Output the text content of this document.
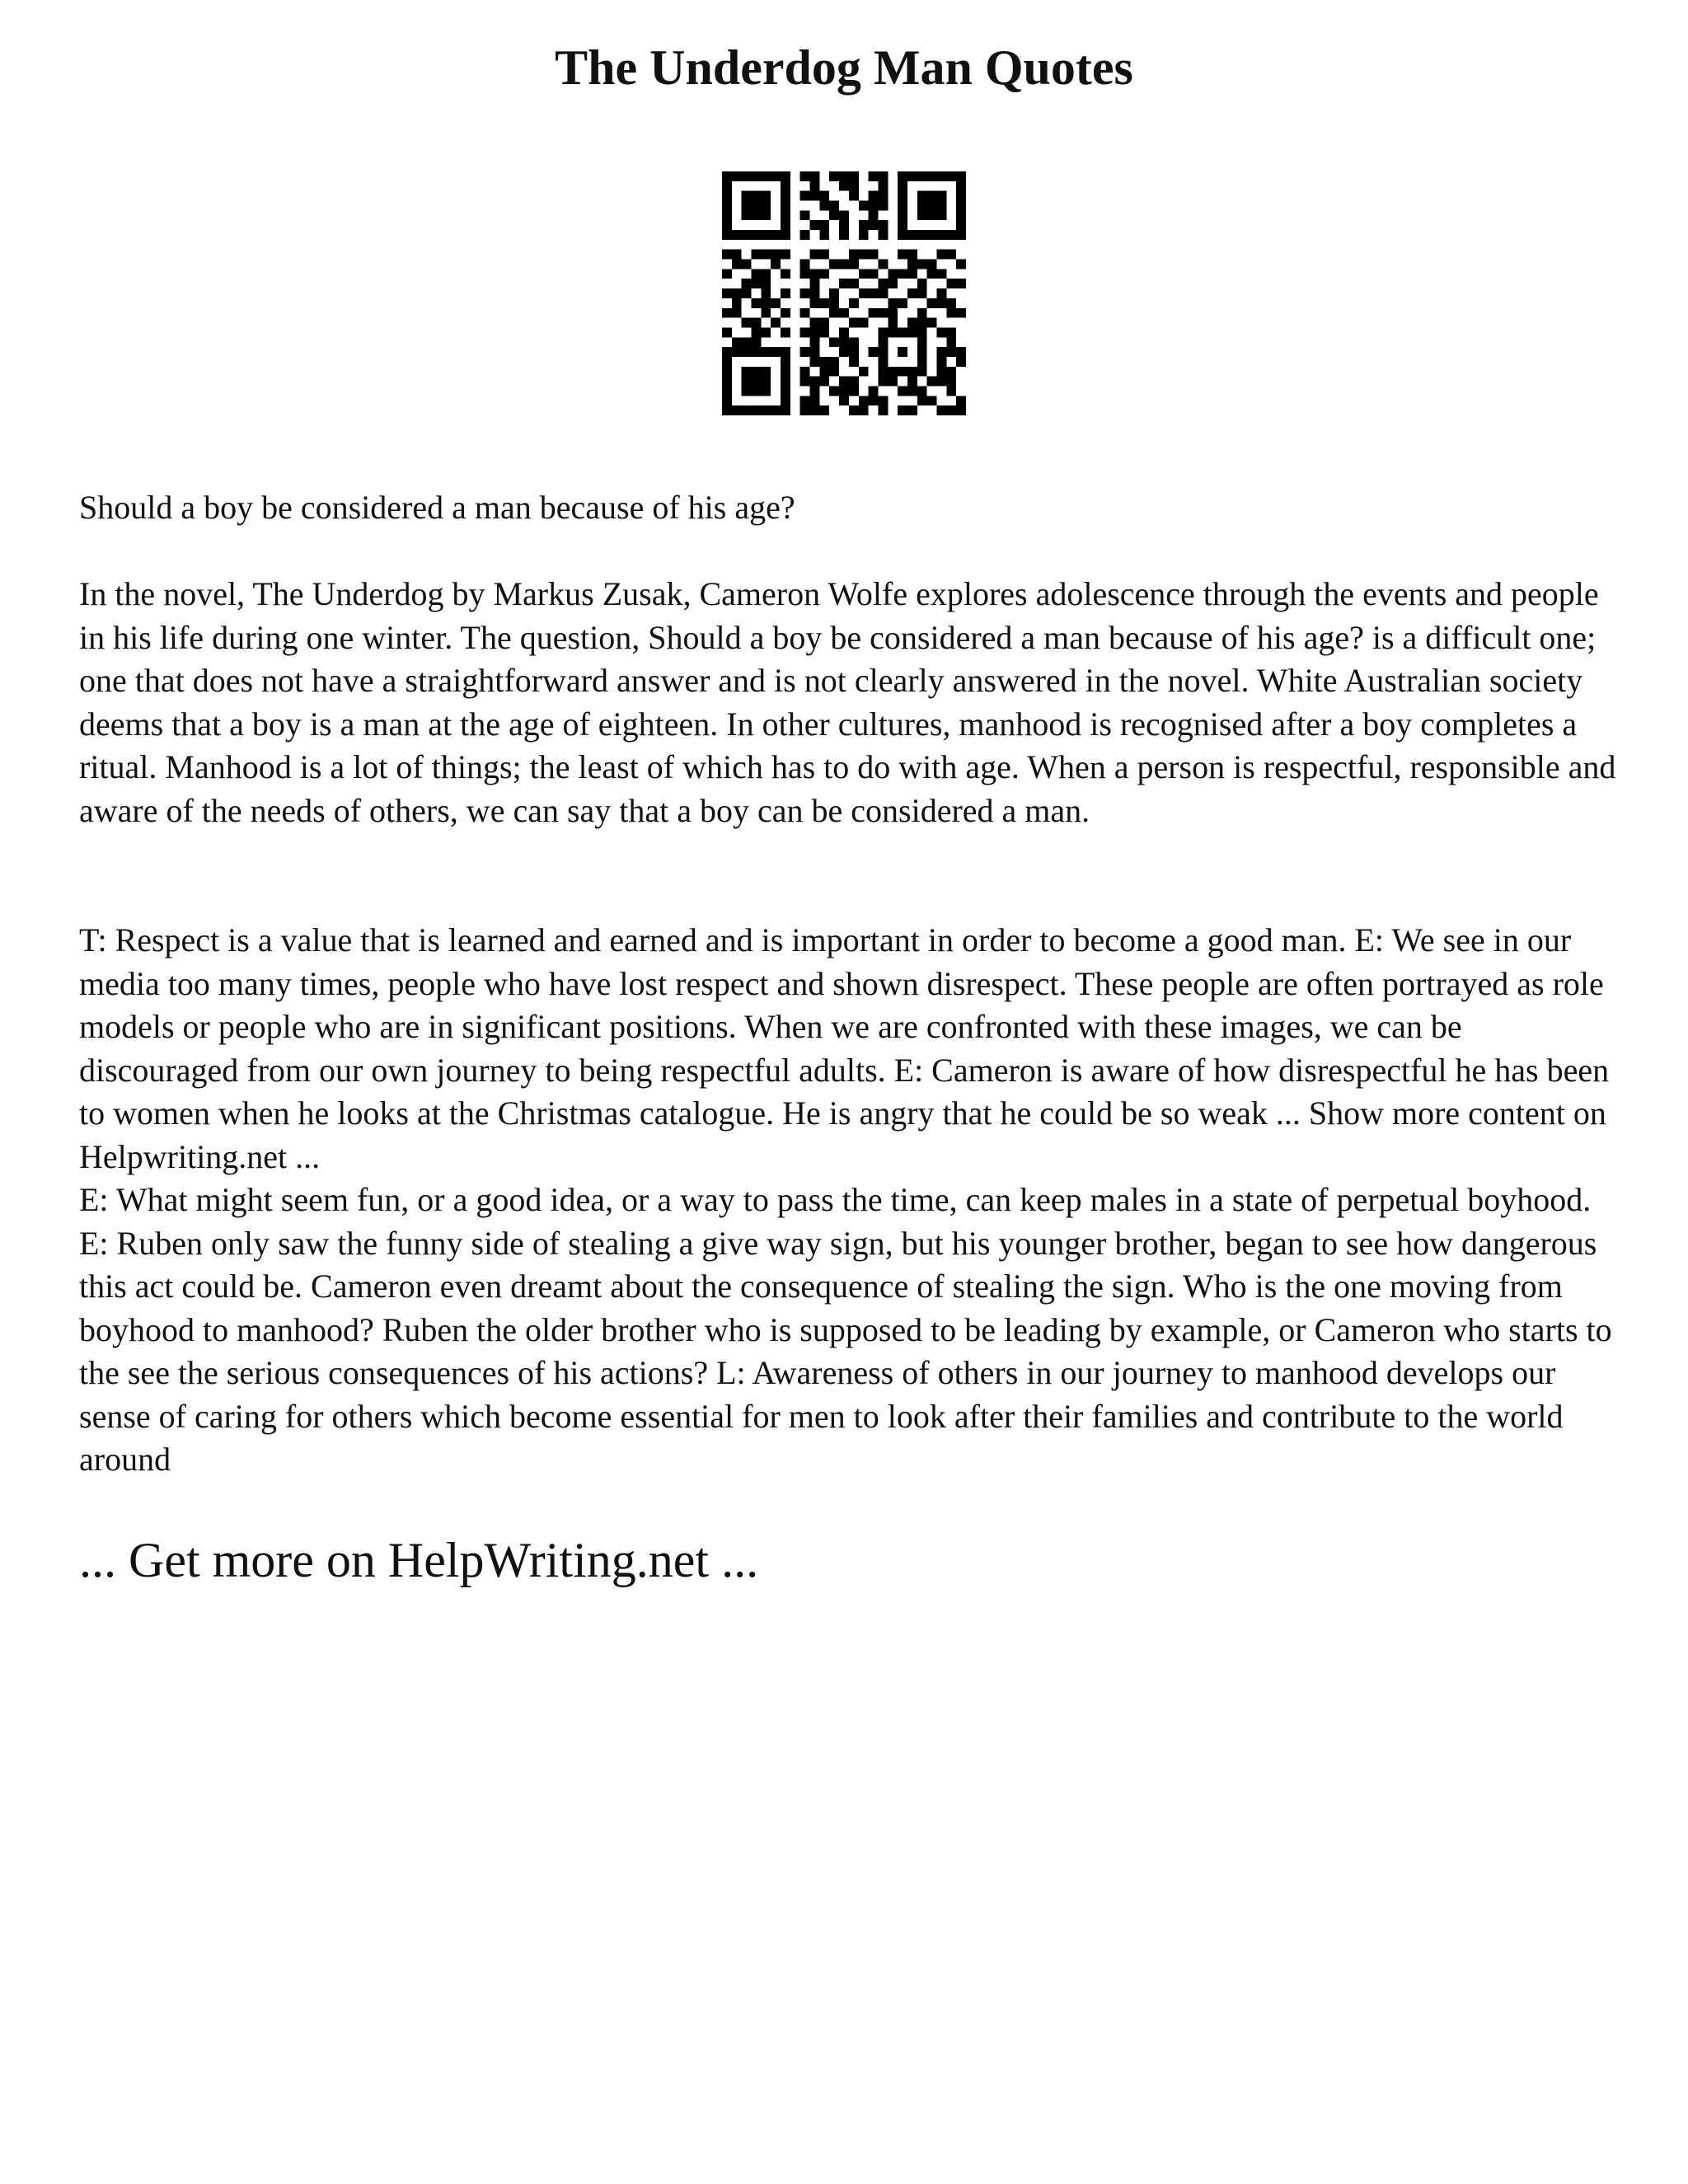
The Underdog Man Quotes

Should a boy be considered a man because of his age?

In the novel, The Underdog by Markus Zusak, Cameron Wolfe explores adolescence through the events and people in his life during one winter. The question, Should a boy be considered a man because of his age? is a difficult one; one that does not have a straightforward answer and is not clearly answered in the novel. White Australian society deems that a boy is a man at the age of eighteen. In other cultures, manhood is recognised after a boy completes a ritual. Manhood is a lot of things; the least of which has to do with age. When a person is respectful, responsible and aware of the needs of others, we can say that a boy can be considered a man.

T: Respect is a value that is learned and earned and is important in order to become a good man. E: We see in our media too many times, people who have lost respect and shown disrespect. These people are often portrayed as role models or people who are in significant positions. When we are confronted with these images, we can be discouraged from our own journey to being respectful adults. E: Cameron is aware of how disrespectful he has been to women when he looks at the Christmas catalogue. He is angry that he could be so weak ... Show more content on Helpwriting.net ...
E: What might seem fun, or a good idea, or a way to pass the time, can keep males in a state of perpetual boyhood. E: Ruben only saw the funny side of stealing a give way sign, but his younger brother, began to see how dangerous this act could be. Cameron even dreamt about the consequence of stealing the sign. Who is the one moving from boyhood to manhood? Ruben the older brother who is supposed to be leading by example, or Cameron who starts to the see the serious consequences of his actions? L: Awareness of others in our journey to manhood develops our sense of caring for others which become essential for men to look after their families and contribute to the world around

... Get more on HelpWriting.net ...
